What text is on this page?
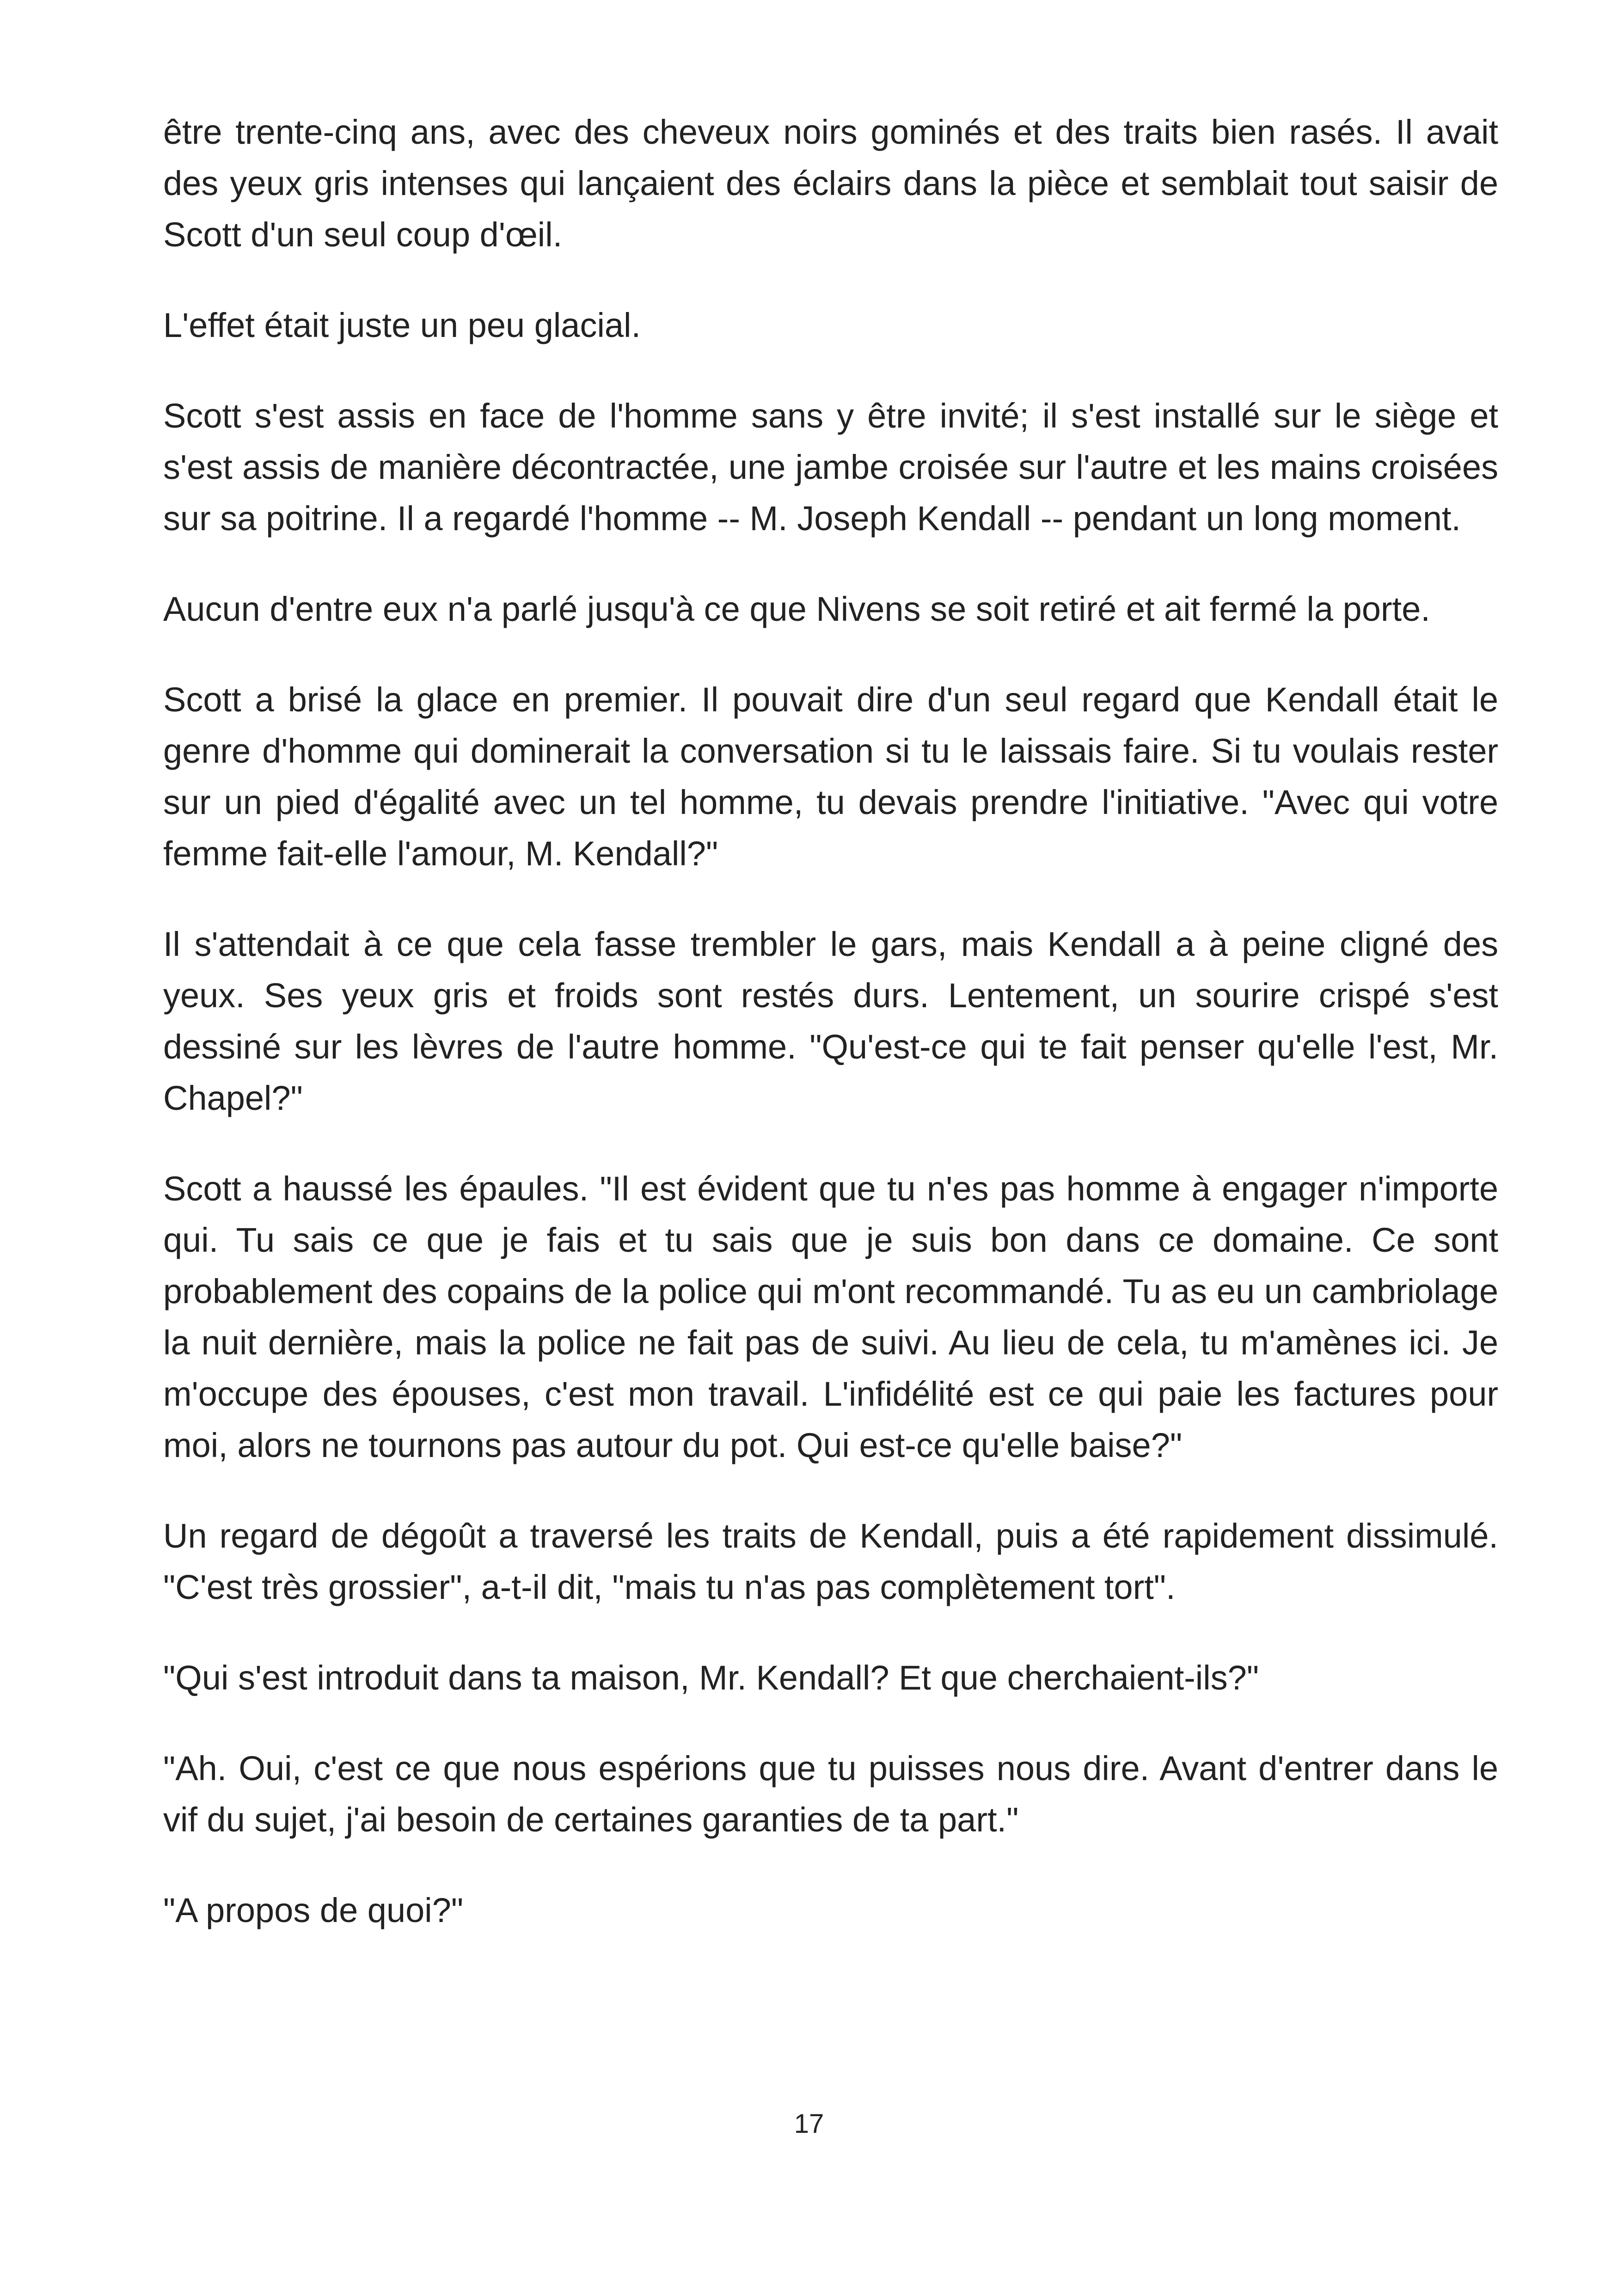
être trente-cinq ans, avec des cheveux noirs gominés et des traits bien rasés. Il avait des yeux gris intenses qui lançaient des éclairs dans la pièce et semblait tout saisir de Scott d'un seul coup d'œil.

L'effet était juste un peu glacial.

Scott s'est assis en face de l'homme sans y être invité; il s'est installé sur le siège et s'est assis de manière décontractée, une jambe croisée sur l'autre et les mains croisées sur sa poitrine. Il a regardé l'homme -- M. Joseph Kendall -- pendant un long moment.

Aucun d'entre eux n'a parlé jusqu'à ce que Nivens se soit retiré et ait fermé la porte.

Scott a brisé la glace en premier. Il pouvait dire d'un seul regard que Kendall était le genre d'homme qui dominerait la conversation si tu le laissais faire. Si tu voulais rester sur un pied d'égalité avec un tel homme, tu devais prendre l'initiative. "Avec qui votre femme fait-elle l'amour, M. Kendall?"

Il s'attendait à ce que cela fasse trembler le gars, mais Kendall a à peine cligné des yeux. Ses yeux gris et froids sont restés durs. Lentement, un sourire crispé s'est dessiné sur les lèvres de l'autre homme. "Qu'est-ce qui te fait penser qu'elle l'est, Mr. Chapel?"

Scott a haussé les épaules. "Il est évident que tu n'es pas homme à engager n'importe qui. Tu sais ce que je fais et tu sais que je suis bon dans ce domaine. Ce sont probablement des copains de la police qui m'ont recommandé. Tu as eu un cambriolage la nuit dernière, mais la police ne fait pas de suivi. Au lieu de cela, tu m'amènes ici. Je m'occupe des épouses, c'est mon travail. L'infidélité est ce qui paie les factures pour moi, alors ne tournons pas autour du pot. Qui est-ce qu'elle baise?"

Un regard de dégoût a traversé les traits de Kendall, puis a été rapidement dissimulé. "C'est très grossier", a-t-il dit, "mais tu n'as pas complètement tort".

"Qui s'est introduit dans ta maison, Mr. Kendall? Et que cherchaient-ils?"

"Ah. Oui, c'est ce que nous espérions que tu puisses nous dire. Avant d'entrer dans le vif du sujet, j'ai besoin de certaines garanties de ta part."

"A propos de quoi?"

17
